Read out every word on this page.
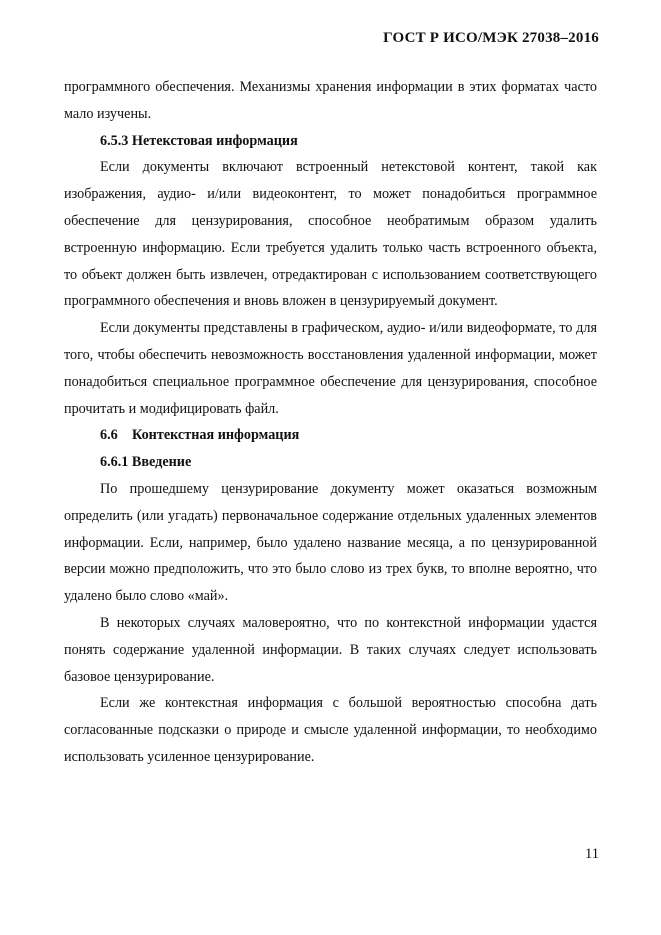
ГОСТ Р ИСО/МЭК 27038–2016

программного обеспечения. Механизмы хранения информации в этих форматах часто мало изучены.

6.5.3 Нетекстовая информация

Если документы включают встроенный нетекстовой контент, такой как изображения, аудио- и/или видеоконтент, то может понадобиться программное обеспечение для цензурирования, способное необратимым образом удалить встроенную информацию. Если требуется удалить только часть встроенного объекта, то объект должен быть извлечен, отредактирован с использованием соответствующего программного обеспечения и вновь вложен в цензурируемый документ.

Если документы представлены в графическом, аудио- и/или видеоформате, то для того, чтобы обеспечить невозможность восстановления удаленной информации, может понадобиться специальное программное обеспечение для цензурирования, способное прочитать и модифицировать файл.

6.6 Контекстная информация
6.6.1 Введение

По прошедшему цензурирование документу может оказаться возможным определить (или угадать) первоначальное содержание отдельных удаленных элементов информации. Если, например, было удалено название месяца, а по цензурированной версии можно предположить, что это было слово из трех букв, то вполне вероятно, что удалено было слово «май».

В некоторых случаях маловероятно, что по контекстной информации удастся понять содержание удаленной информации. В таких случаях следует использовать базовое цензурирование.

Если же контекстная информация с большой вероятностью способна дать согласованные подсказки о природе и смысле удаленной информации, то необходимо использовать усиленное цензурирование.

11
